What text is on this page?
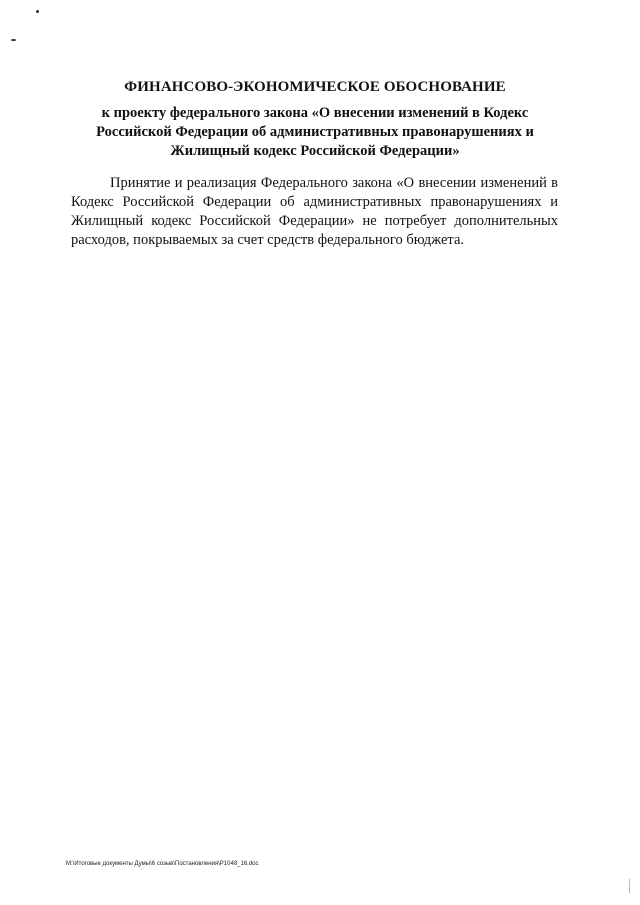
ФИНАНСОВО-ЭКОНОМИЧЕСКОЕ ОБОСНОВАНИЕ
к проекту федерального закона «О внесении изменений в Кодекс
Российской Федерации об административных правонарушениях и
Жилищный кодекс Российской Федерации»

Принятие и реализация Федерального закона «О внесении изменений в Кодекс Российской Федерации об административных правонарушениях и Жилищный кодекс Российской Федерации» не потребует дополнительных расходов, покрываемых за счет средств федерального бюджета.

M:\Итоговые документы Думы\6 созыв\Постановления\P1048_16.doc
